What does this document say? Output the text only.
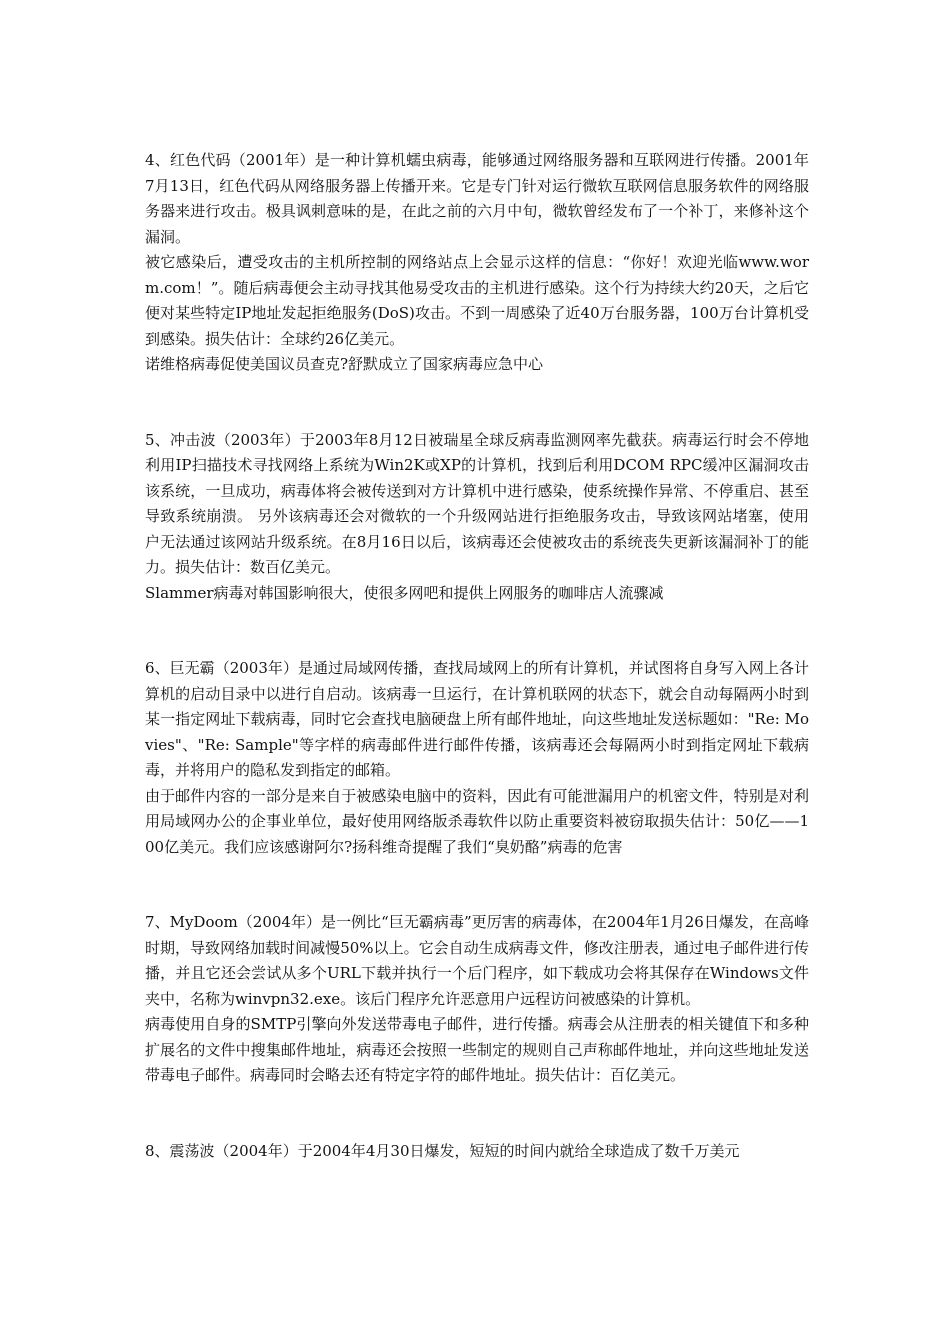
4、红色代码（2001年）是一种计算机蠕虫病毒，能够通过网络服务器和互联网进行传播。2001年7月13日，红色代码从网络服务器上传播开来。它是专门针对运行微软互联网信息服务软件的网络服务器来进行攻击。极具讽刺意味的是，在此之前的六月中旬，微软曾经发布了一个补丁，来修补这个漏洞。

被它感染后，遭受攻击的主机所控制的网络站点上会显示这样的信息：“你好！欢迎光临www.worm.com！”。随后病毒便会主动寻找其他易受攻击的主机进行感染。这个行为持续大约20天，之后它便对某些特定IP地址发起拒绝服务(DoS)攻击。不到一周感染了近40万台服务器，100万台计算机受到感染。损失估计：全球约26亿美元。

诺维格病毒促使美国议员查克?舒默成立了国家病毒应急中心

5、冲击波（2003年）于2003年8月12日被瑞星全球反病毒监测网率先截获。病毒运行时会不停地利用IP扫描技术寻找网络上系统为Win2K或XP的计算机，找到后利用DCOM RPC缓冲区漏洞攻击该系统，一旦成功，病毒体将会被传送到对方计算机中进行感染，使系统操作异常、不停重启、甚至导致系统崩溃。 另外该病毒还会对微软的一个升级网站进行拒绝服务攻击，导致该网站堵塞，使用户无法通过该网站升级系统。在8月16日以后，该病毒还会使被攻击的系统丧失更新该漏洞补丁的能力。损失估计：数百亿美元。

Slammer病毒对韩国影响很大，使很多网吧和提供上网服务的咖啡店人流骤减

6、巨无霸（2003年）是通过局域网传播，查找局域网上的所有计算机，并试图将自身写入网上各计算机的启动目录中以进行自启动。该病毒一旦运行，在计算机联网的状态下，就会自动每隔两小时到某一指定网址下载病毒，同时它会查找电脑硬盘上所有邮件地址，向这些地址发送标题如："Re: Movies"、"Re: Sample"等字样的病毒邮件进行邮件传播，该病毒还会每隔两小时到指定网址下载病毒，并将用户的隐私发到指定的邮箱。

由于邮件内容的一部分是来自于被感染电脑中的资料，因此有可能泄漏用户的机密文件，特别是对利用局域网办公的企事业单位，最好使用网络版杀毒软件以防止重要资料被窃取损失估计：50亿——100亿美元。我们应该感谢阿尔?扬科维奇提醒了我们“臭奶酪”病毒的危害

7、MyDoom（2004年）是一例比“巨无霸病毒”更厉害的病毒体，在2004年1月26日爆发，在高峰时期，导致网络加载时间减慢50%以上。它会自动生成病毒文件，修改注册表，通过电子邮件进行传播，并且它还会尝试从多个URL下载并执行一个后门程序，如下载成功会将其保存在Windows文件夹中，名称为winvpn32.exe。该后门程序允许恶意用户远程访问被感染的计算机。

病毒使用自身的SMTP引擎向外发送带毒电子邮件，进行传播。病毒会从注册表的相关键值下和多种扩展名的文件中搜集邮件地址，病毒还会按照一些制定的规则自己声称邮件地址，并向这些地址发送带毒电子邮件。病毒同时会略去还有特定字符的邮件地址。损失估计：百亿美元。

8、震荡波（2004年）于2004年4月30日爆发，短短的时间内就给全球造成了数千万美元
